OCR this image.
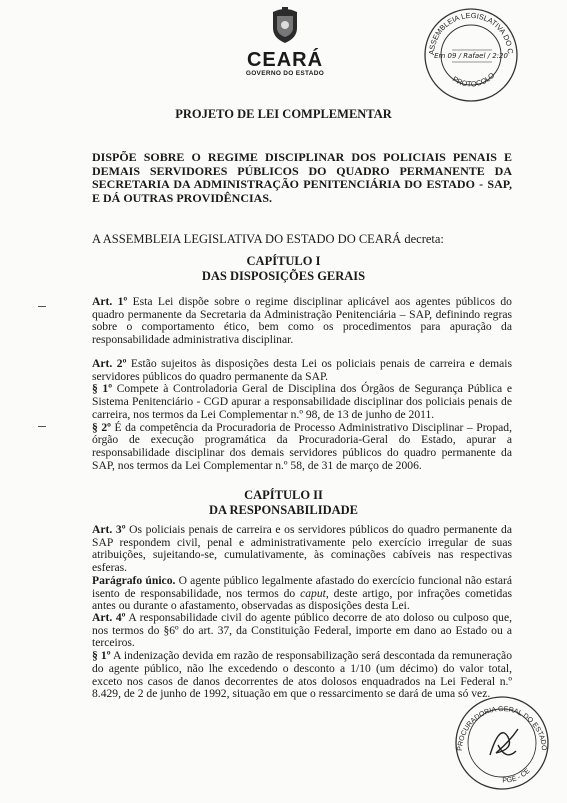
CEARÁ
GOVERNO DO ESTADO
ASSEMBLEIA LEGISLATIVA DO C
PROTOCOLO
Em 09 / Rafael / 2:20
PROJETO DE LEI COMPLEMENTAR
DISPÕE SOBRE O REGIME DISCIPLINAR DOS POLICIAIS PENAIS E DEMAIS SERVIDORES PÚBLICOS DO QUADRO PERMANENTE DA SECRETARIA DA ADMINISTRAÇÃO PENITENCIÁRIA DO ESTADO - SAP, E DÁ OUTRAS PROVIDÊNCIAS.
A ASSEMBLEIA LEGISLATIVA DO ESTADO DO CEARÁ decreta:
CAPÍTULO I
DAS DISPOSIÇÕES GERAIS
Art. 1º Esta Lei dispõe sobre o regime disciplinar aplicável aos agentes públicos do quadro permanente da Secretaria da Administração Penitenciária – SAP, definindo regras sobre o comportamento ético, bem como os procedimentos para apuração da responsabilidade administrativa disciplinar.
Art. 2º Estão sujeitos às disposições desta Lei os policiais penais de carreira e demais servidores públicos do quadro permanente da SAP.
§ 1º Compete à Controladoria Geral de Disciplina dos Órgãos de Segurança Pública e Sistema Penitenciário - CGD apurar a responsabilidade disciplinar dos policiais penais de carreira, nos termos da Lei Complementar n.º 98, de 13 de junho de 2011.
§ 2º É da competência da Procuradoria de Processo Administrativo Disciplinar – Propad, órgão de execução programática da Procuradoria-Geral do Estado, apurar a responsabilidade disciplinar dos demais servidores públicos do quadro permanente da SAP, nos termos da Lei Complementar n.º 58, de 31 de março de 2006.
CAPÍTULO II
DA RESPONSABILIDADE
Art. 3º Os policiais penais de carreira e os servidores públicos do quadro permanente da SAP respondem civil, penal e administrativamente pelo exercício irregular de suas atribuições, sujeitando-se, cumulativamente, às cominações cabíveis nas respectivas esferas.
Parágrafo único. O agente público legalmente afastado do exercício funcional não estará isento de responsabilidade, nos termos do caput, deste artigo, por infrações cometidas antes ou durante o afastamento, observadas as disposições desta Lei.
Art. 4º A responsabilidade civil do agente público decorre de ato doloso ou culposo que, nos termos do §6º do art. 37, da Constituição Federal, importe em dano ao Estado ou a terceiros.
§ 1º A indenização devida em razão de responsabilização será descontada da remuneração do agente público, não lhe excedendo o desconto a 1/10 (um décimo) do valor total, exceto nos casos de danos decorrentes de atos dolosos enquadrados na Lei Federal n.º 8.429, de 2 de junho de 1992, situação em que o ressarcimento se dará de uma só vez.
PROCURADORIA GERAL DO ESTADO
PGE - CE
